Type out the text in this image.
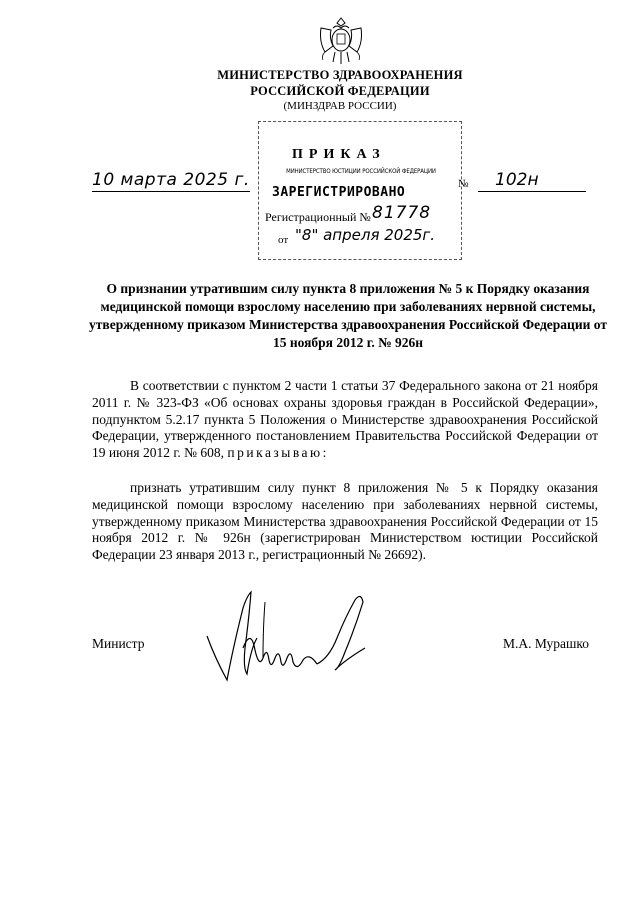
МИНИСТЕРСТВО ЗДРАВООХРАНЕНИЯ
РОССИЙСКОЙ ФЕДЕРАЦИИ
(МИНЗДРАВ РОССИИ)
ПРИКАЗ
МИНИСТЕРСТВО ЮСТИЦИИ РОССИЙСКОЙ ФЕДЕРАЦИИ
ЗАРЕГИСТРИРОВАНО
Регистрационный № 81778
от "8" апреля 2025г.
10 марта 2025 г.	№ 102н
О признании утратившим силу пункта 8 приложения № 5 к Порядку оказания медицинской помощи взрослому населению при заболеваниях нервной системы, утвержденному приказом Министерства здравоохранения Российской Федерации от 15 ноября 2012 г. № 926н
В соответствии с пунктом 2 части 1 статьи 37 Федерального закона от 21 ноября 2011 г. № 323-ФЗ «Об основах охраны здоровья граждан в Российской Федерации», подпунктом 5.2.17 пункта 5 Положения о Министерстве здравоохранения Российской Федерации, утвержденного постановлением Правительства Российской Федерации от 19 июня 2012 г. № 608, приказываю:
признать утратившим силу пункт 8 приложения № 5 к Порядку оказания медицинской помощи взрослому населению при заболеваниях нервной системы, утвержденному приказом Министерства здравоохранения Российской Федерации от 15 ноября 2012 г. № 926н (зарегистрирован Министерством юстиции Российской Федерации 23 января 2013 г., регистрационный № 26692).
Министр	М.А. Мурашко
